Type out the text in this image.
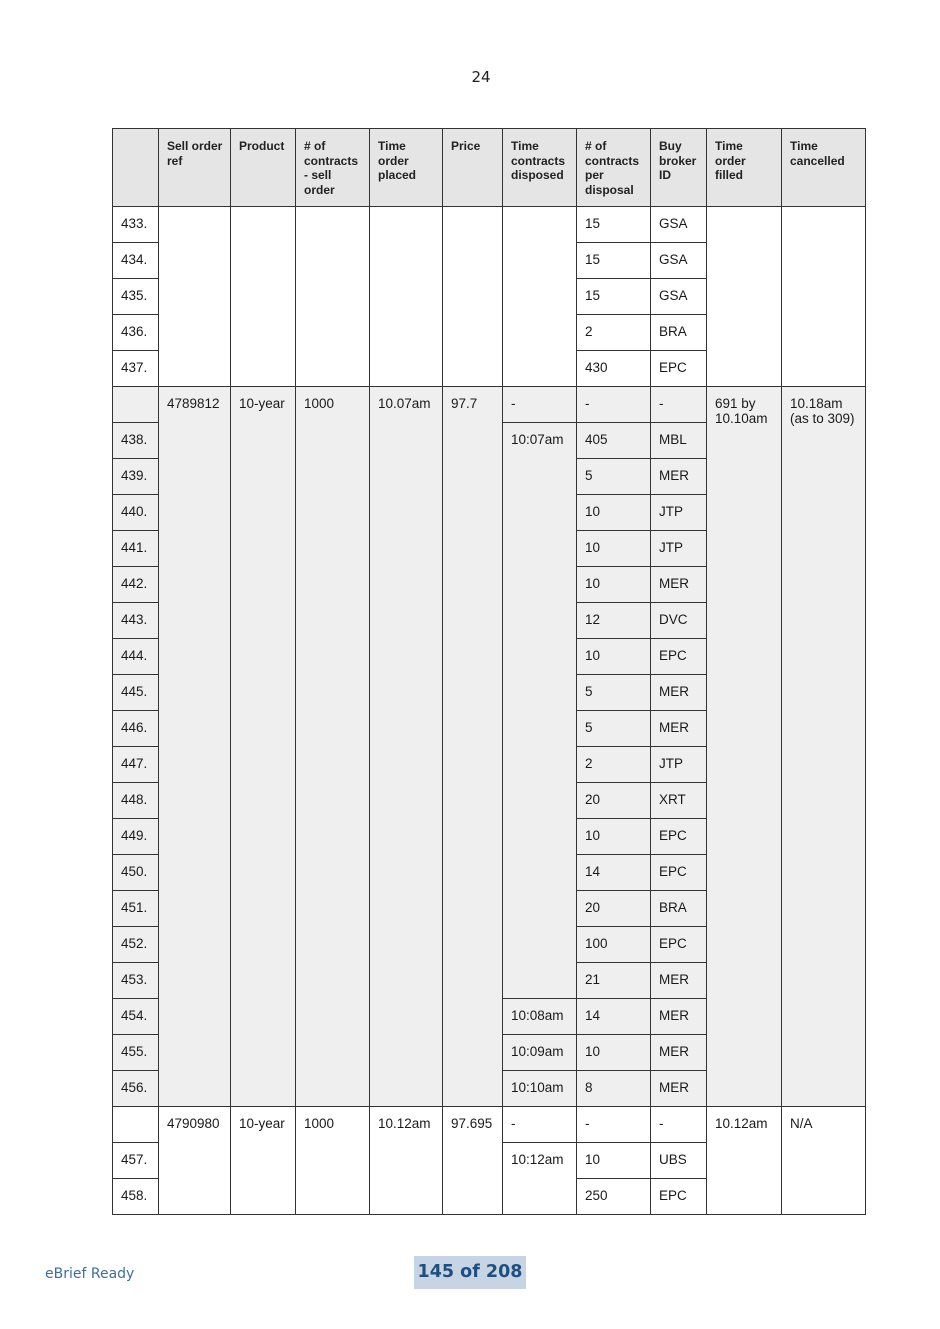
24
	Sell order ref	Product	# of contracts - sell order	Time order placed	Price	Time contracts disposed	# of contracts per disposal	Buy broker ID	Time order filled	Time cancelled
433.							15	GSA		
434.							15	GSA		
435.							15	GSA		
436.							2	BRA		
437.							430	EPC		
	4789812	10-year	1000	10.07am	97.7	-	-	-	691 by 10.10am	10.18am (as to 309)
438.						10:07am	405	MBL		
439.							5	MER		
440.							10	JTP		
441.							10	JTP		
442.							10	MER		
443.							12	DVC		
444.							10	EPC		
445.							5	MER		
446.							5	MER		
447.							2	JTP		
448.							20	XRT		
449.							10	EPC		
450.							14	EPC		
451.							20	BRA		
452.							100	EPC		
453.							21	MER		
454.						10:08am	14	MER		
455.						10:09am	10	MER		
456.						10:10am	8	MER		
	4790980	10-year	1000	10.12am	97.695	-	-	-	10.12am	N/A
457.						10:12am	10	UBS		
458.							250	EPC		
eBrief Ready	145 of 208
